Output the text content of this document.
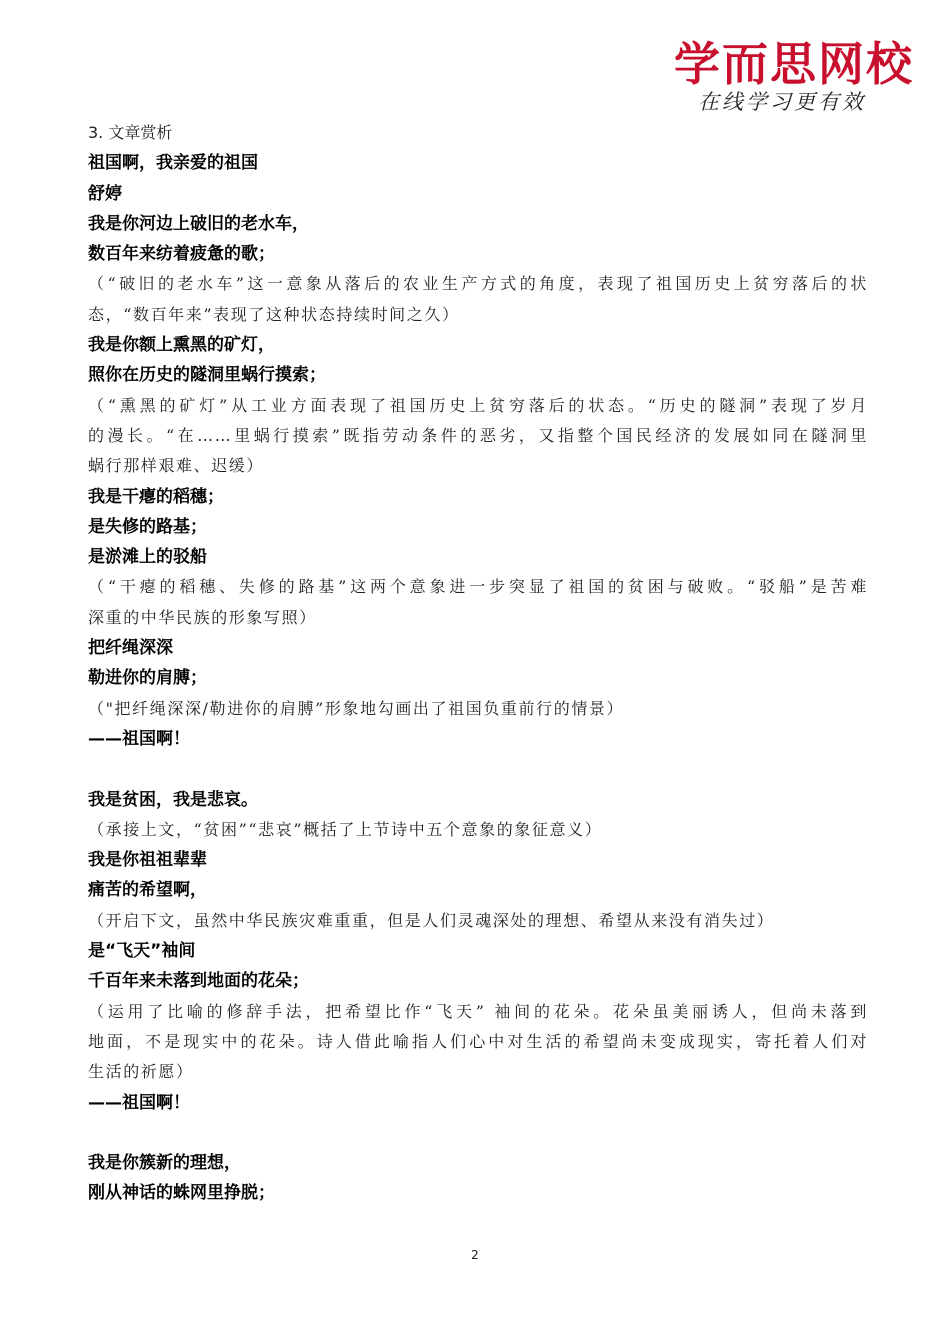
学而思网校
在线学习更有效
3. 文章赏析
祖国啊，我亲爱的祖国
舒婷
我是你河边上破旧的老水车，
数百年来纺着疲惫的歌；
（“破旧的老水车”这一意象从落后的农业生产方式的角度，表现了祖国历史上贫穷落后的状
态，“数百年来”表现了这种状态持续时间之久）
我是你额上熏黑的矿灯，
照你在历史的隧洞里蜗行摸索；
（“熏黑的矿灯”从工业方面表现了祖国历史上贫穷落后的状态。“历史的隧洞”表现了岁月
的漫长。“在……里蜗行摸索”既指劳动条件的恶劣，又指整个国民经济的发展如同在隧洞里
蜗行那样艰难、迟缓）
我是干瘪的稻穗；
是失修的路基；
是淤滩上的驳船
（“干瘪的稻穗、失修的路基”这两个意象进一步突显了祖国的贫困与破败。“驳船”是苦难
深重的中华民族的形象写照）
把纤绳深深
勒进你的肩膊；
（"把纤绳深深/勒进你的肩膊”形象地勾画出了祖国负重前行的情景）
——祖国啊！
我是贫困，我是悲哀。
（承接上文，“贫困”“悲哀”概括了上节诗中五个意象的象征意义）
我是你祖祖辈辈
痛苦的希望啊，
（开启下文，虽然中华民族灾难重重，但是人们灵魂深处的理想、希望从来没有消失过）
是“飞天”袖间
千百年来未落到地面的花朵；
（运用了比喻的修辞手法，把希望比作“飞天” 袖间的花朵。花朵虽美丽诱人，但尚未落到
地面，不是现实中的花朵。诗人借此喻指人们心中对生活的希望尚未变成现实，寄托着人们对
生活的祈愿）
——祖国啊！
我是你簇新的理想，
刚从神话的蛛网里挣脱；
2
